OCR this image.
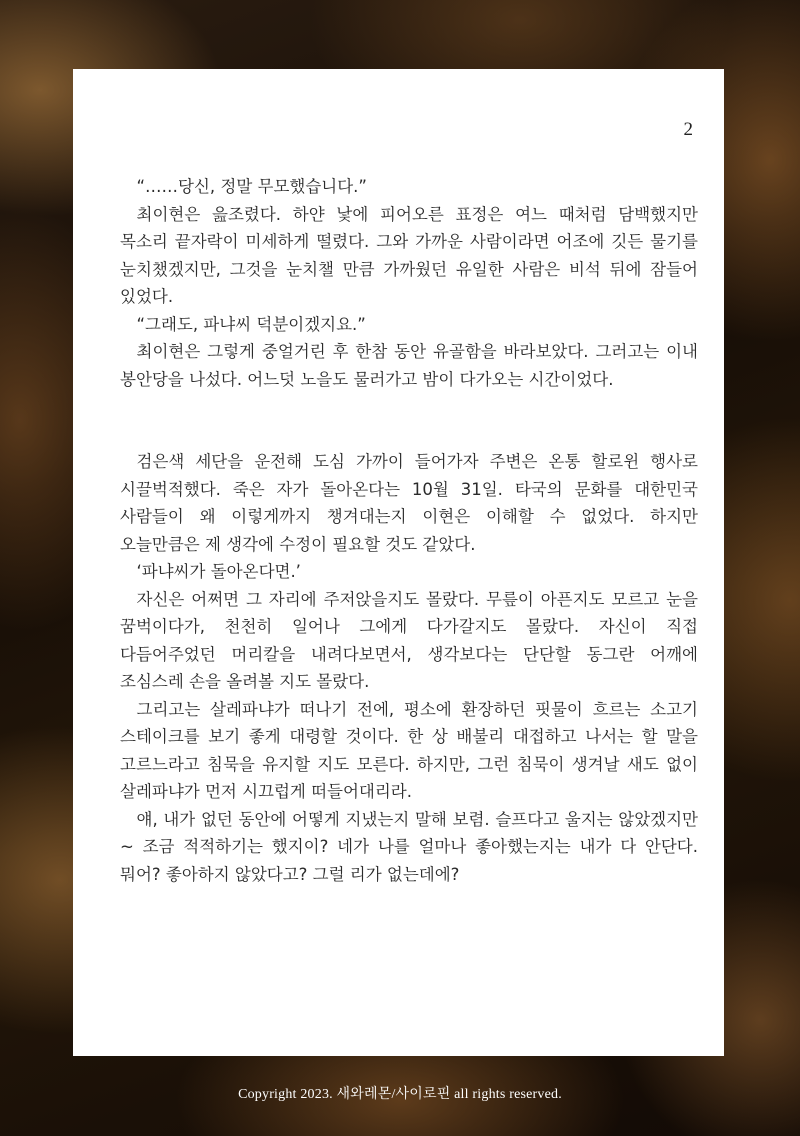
2

“……당신, 정말 무모했습니다.”

최이현은 읊조렸다. 하얀 낯에 피어오른 표정은 여느 때처럼 담백했지만 목소리 끝자락이 미세하게 떨렸다. 그와 가까운 사람이라면 어조에 깃든 물기를 눈치챘겠지만, 그것을 눈치챌 만큼 가까웠던 유일한 사람은 비석 뒤에 잠들어 있었다.

“그래도, 파냐씨 덕분이겠지요.”

최이현은 그렇게 중얼거린 후 한참 동안 유골함을 바라보았다. 그러고는 이내 봉안당을 나섰다. 어느덧 노을도 물러가고 밤이 다가오는 시간이었다.

검은색 세단을 운전해 도심 가까이 들어가자 주변은 온통 할로윈 행사로 시끌벅적했다. 죽은 자가 돌아온다는 10월 31일. 타국의 문화를 대한민국 사람들이 왜 이렇게까지 챙겨대는지 이현은 이해할 수 없었다. 하지만 오늘만큼은 제 생각에 수정이 필요할 것도 같았다.

‘파냐씨가 돌아온다면.’

자신은 어쩌면 그 자리에 주저앉을지도 몰랐다. 무릎이 아픈지도 모르고 눈을 꿈벅이다가, 천천히 일어나 그에게 다가갈지도 몰랐다. 자신이 직접 다듬어주었던 머리칼을 내려다보면서, 생각보다는 단단할 동그란 어깨에 조심스레 손을 올려볼 지도 몰랐다.

그리고는 살레파냐가 떠나기 전에, 평소에 환장하던 핏물이 흐르는 소고기 스테이크를 보기 좋게 대령할 것이다. 한 상 배불리 대접하고 나서는 할 말을 고르느라고 침묵을 유지할 지도 모른다. 하지만, 그런 침묵이 생겨날 새도 없이 살레파냐가 먼저 시끄럽게 떠들어대리라.

얘, 내가 없던 동안에 어떻게 지냈는지 말해 보렴. 슬프다고 울지는 않았겠지만~ 조금 적적하기는 했지이? 네가 나를 얼마나 좋아했는지는 내가 다 안단다. 뭐어? 좋아하지 않았다고? 그럴 리가 없는데에?

Copyright 2023. 새와레몬/사이로핀 all rights reserved.
